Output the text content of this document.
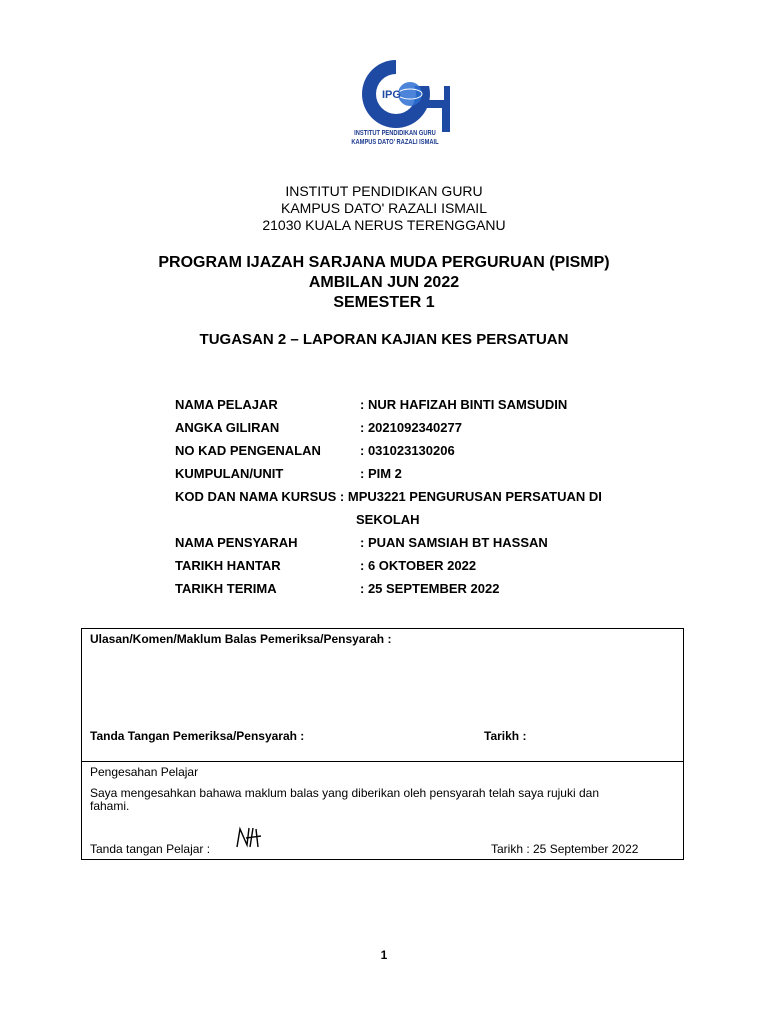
IPG
INSTITUT PENDIDIKAN GURU
KAMPUS DATO' RAZALI ISMAIL
INSTITUT PENDIDIKAN GURU
KAMPUS DATO' RAZALI ISMAIL
21030 KUALA NERUS TERENGGANU
PROGRAM IJAZAH SARJANA MUDA PERGURUAN (PISMP)
AMBILAN JUN 2022
SEMESTER 1
TUGASAN 2 – LAPORAN KAJIAN KES PERSATUAN
NAMA PELAJAR	: NUR HAFIZAH BINTI SAMSUDIN
ANGKA GILIRAN	: 2021092340277
NO KAD PENGENALAN	: 031023130206
KUMPULAN/UNIT	: PIM 2
KOD DAN NAMA KURSUS : MPU3221 PENGURUSAN PERSATUAN DI
SEKOLAH
NAMA PENSYARAH	: PUAN SAMSIAH BT HASSAN
TARIKH HANTAR	: 6 OKTOBER 2022
TARIKH TERIMA	: 25 SEPTEMBER 2022
Ulasan/Komen/Maklum Balas Pemeriksa/Pensyarah :
Tanda Tangan Pemeriksa/Pensyarah :	Tarikh :
Pengesahan Pelajar
Saya mengesahkan bahawa maklum balas yang diberikan oleh pensyarah telah saya rujuki dan
fahami.
Tanda tangan Pelajar :	Tarikh : 25 September 2022
1
